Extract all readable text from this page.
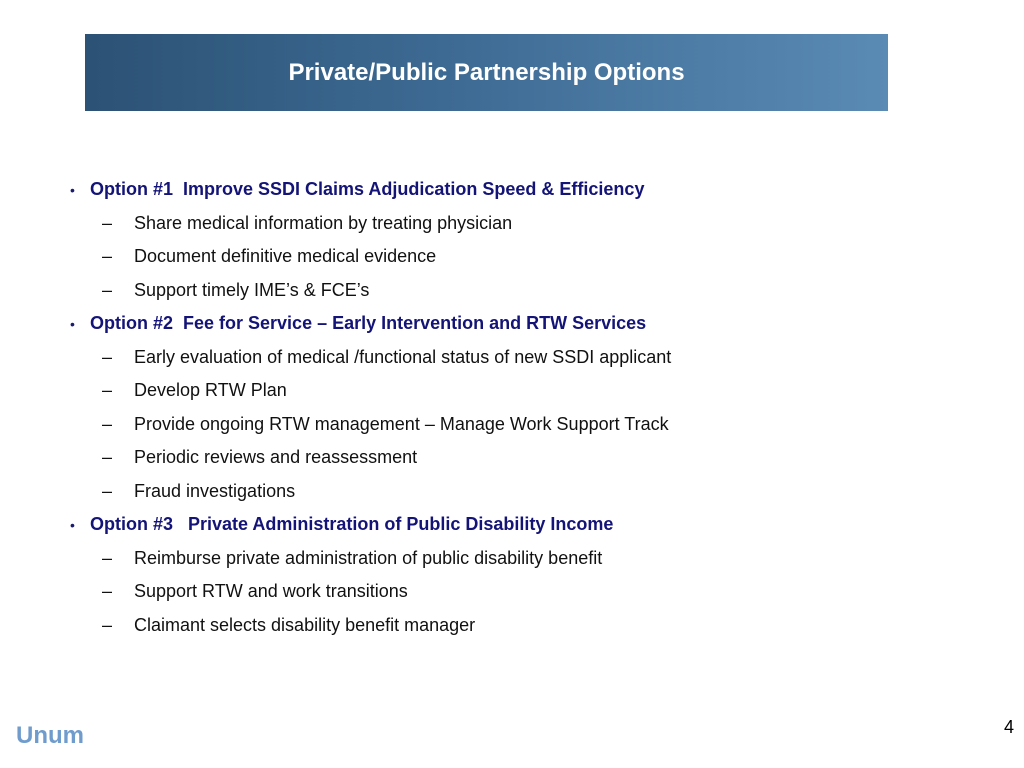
Private/Public Partnership Options
• Option #1  Improve SSDI Claims Adjudication Speed & Efficiency
–	Share medical information by treating physician
–	Document definitive medical evidence
–	Support timely IME’s & FCE’s
• Option #2  Fee for Service – Early Intervention and RTW Services
–	Early evaluation of medical /functional status of new SSDI applicant
–	Develop RTW Plan
–	Provide ongoing RTW management – Manage Work Support Track
–	Periodic reviews and reassessment
–	Fraud investigations
• Option #3   Private Administration of Public Disability Income
–	Reimburse private administration of public disability benefit
–	Support RTW and work transitions
–	Claimant selects disability benefit manager
Unum	4
